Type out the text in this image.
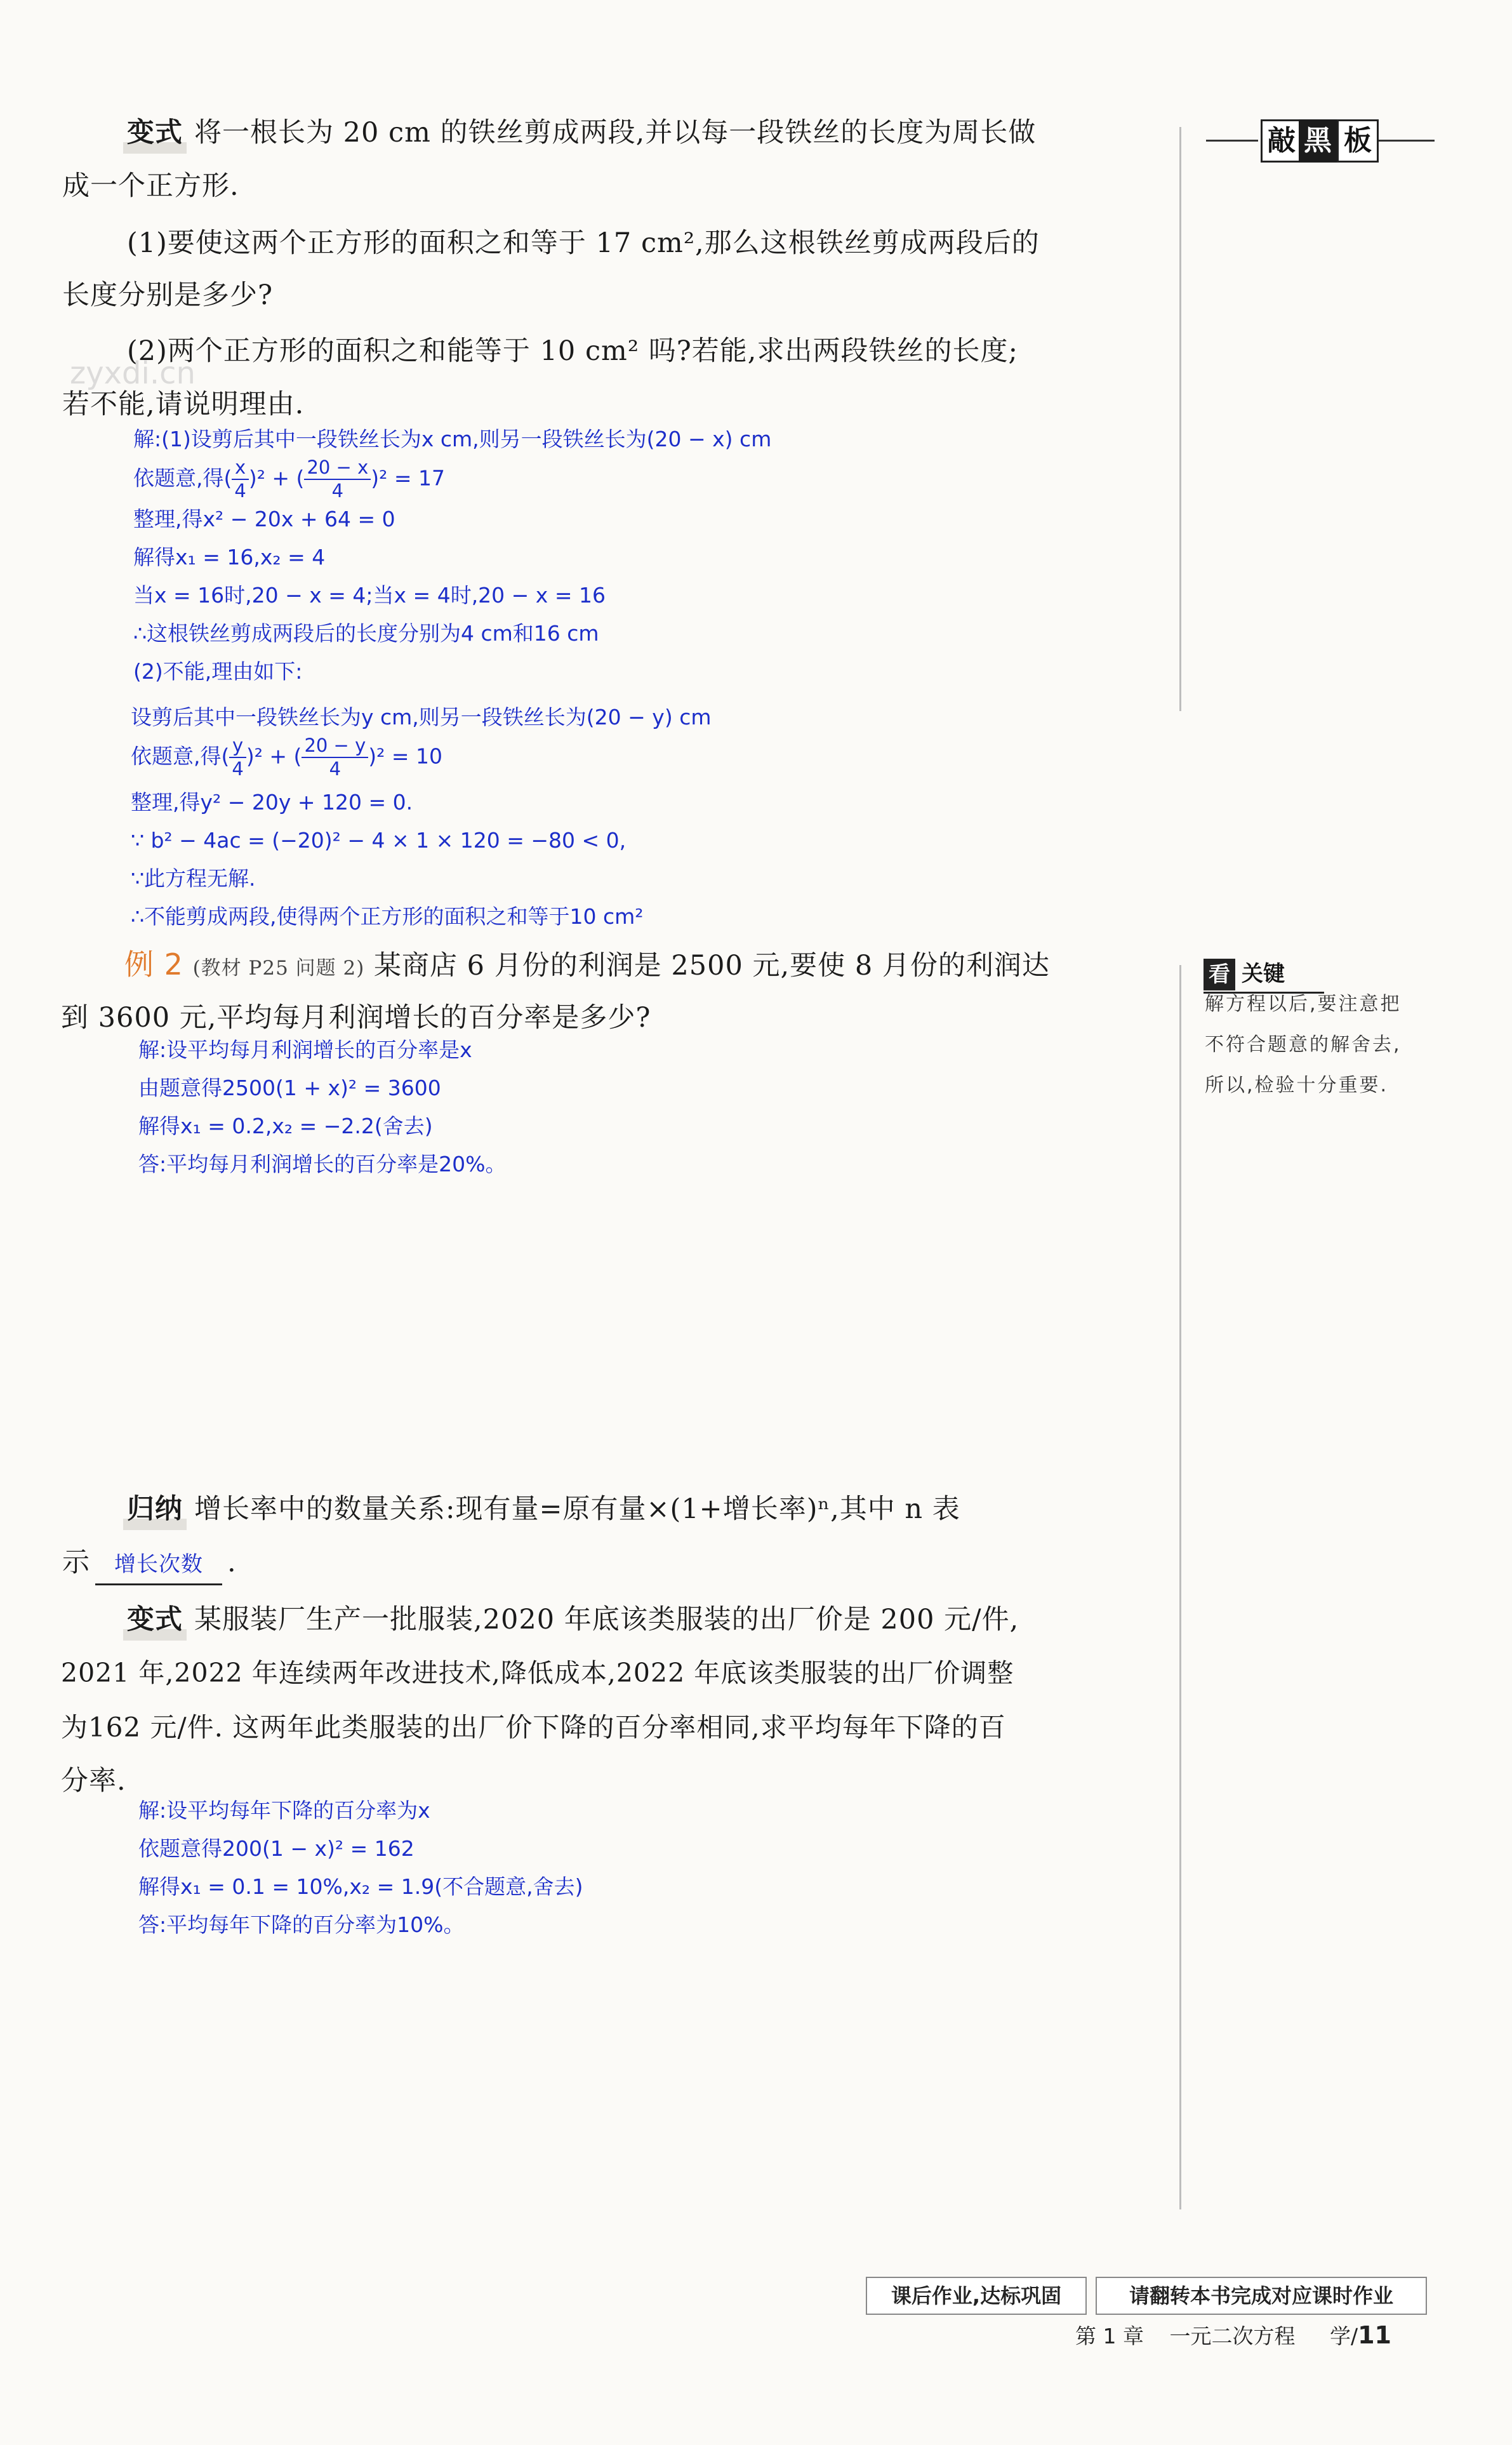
敲 黑 板
变式 将一根长为 20 cm 的铁丝剪成两段,并以每一段铁丝的长度为周长做
成一个正方形.
(1)要使这两个正方形的面积之和等于 17 cm²,那么这根铁丝剪成两段后的
长度分别是多少?
(2)两个正方形的面积之和能等于 10 cm² 吗?若能,求出两段铁丝的长度;
若不能,请说明理由.
zyxdi.cn
解:(1)设剪后其中一段铁丝长为x cm,则另一段铁丝长为(20 − x) cm
依题意,得( $\frac{x}{4} )^2$ + ( $\frac{20 - x}{4} )^2 = 17$
整理,得x² − 20x + 64 = 0
解得x₁ = 16,x₂ = 4
当x = 16时,20 − x = 4;当x = 4时,20 − x = 16
∴这根铁丝剪成两段后的长度分别为4 cm和16 cm
(2)不能,理由如下:
设剪后其中一段铁丝长为y cm,则另一段铁丝长为(20 − y) cm
依题意,得( $\frac{y}{4} )^2$ + ( $\frac{20 - y}{4} )^2 = 10$
整理,得y² − 20y + 120 = 0.
∵ b² − 4ac = (−20)² − 4 × 1 × 120 = −80 < 0,
∵此方程无解.
∴不能剪成两段,使得两个正方形的面积之和等于10 cm²
例 2 (教材 P25 问题 2) 某商店 6 月份的利润是 2500 元,要使 8 月份的利润达
到 3600 元,平均每月利润增长的百分率是多少?
看 关键
解方程以后,要注意把
不符合题意的解舍去,
所以,检验十分重要.
解:设平均每月利润增长的百分率是x
由题意得2500(1 + x)² = 3600
解得x₁ = 0.2,x₂ = −2.2(舍去)
答:平均每月利润增长的百分率是20%。
归纳 增长率中的数量关系:现有量=原有量×(1+增长率)ⁿ,其中 n 表
示 增长次数 .
变式 某服装厂生产一批服装,2020 年底该类服装的出厂价是 200 元/件,
2021 年,2022 年连续两年改进技术,降低成本,2022 年底该类服装的出厂价调整
为162 元/件. 这两年此类服装的出厂价下降的百分率相同,求平均每年下降的百
分率.
解:设平均每年下降的百分率为x
依题意得200(1 − x)² = 162
解得x₁ = 0.1 = 10%,x₂ = 1.9(不合题意,舍去)
答:平均每年下降的百分率为10%。
课后作业,达标巩固	请翻转本书完成对应课时作业
第 1 章 一元二次方程 学/11
